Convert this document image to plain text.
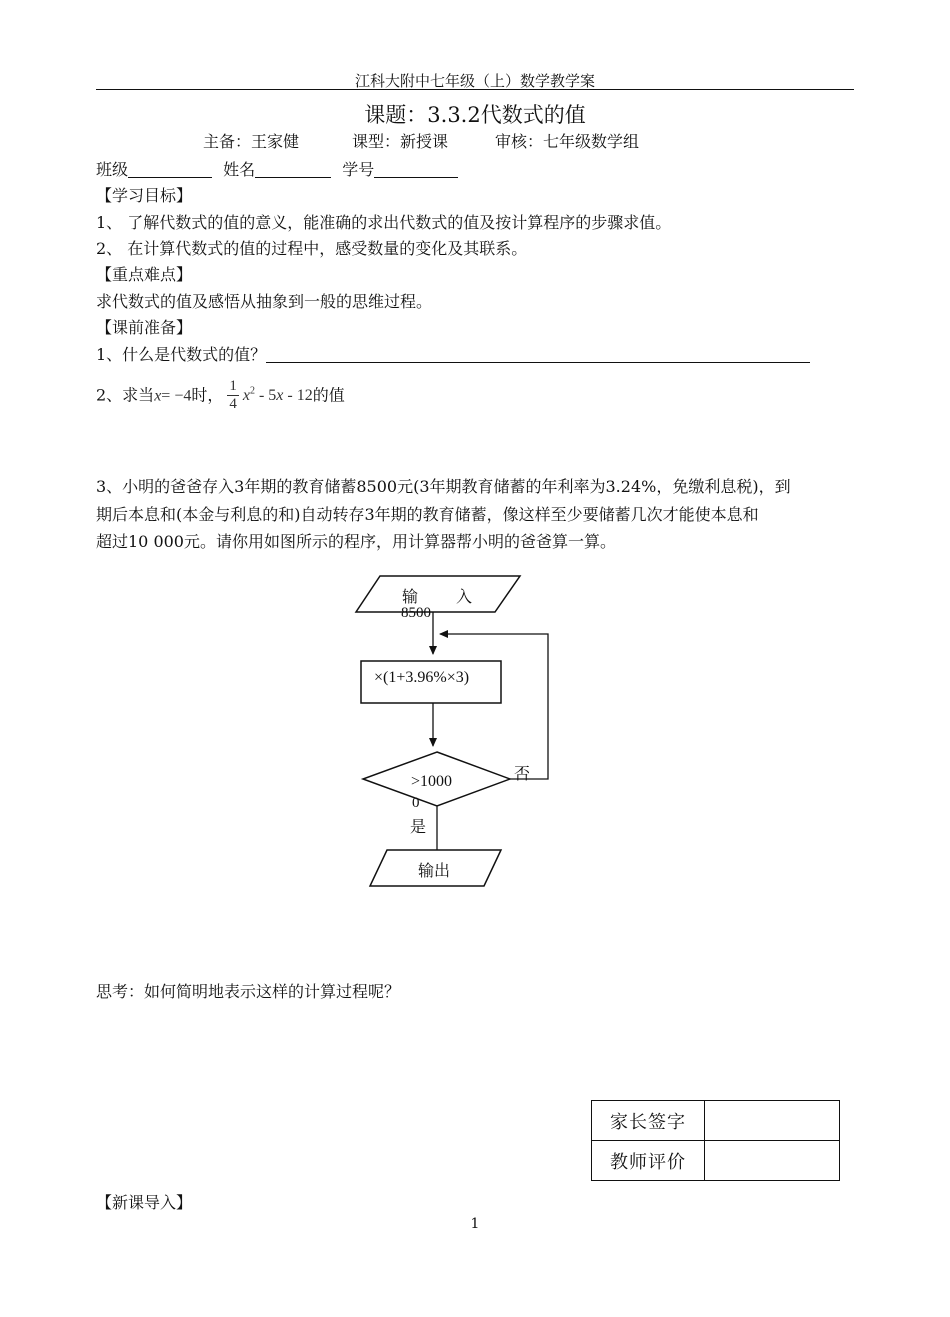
江科大附中七年级（上）数学教学案
课题：3.3.2代数式的值
主备：王家健	课型：新授课	审核：七年级数学组
班级	姓名	学号
【学习目标】
1、 了解代数式的值的意义，能准确的求出代数式的值及按计算程序的步骤求值。
2、 在计算代数式的值的过程中，感受数量的变化及其联系。
【重点难点】
求代数式的值及感悟从抽象到一般的思维过程。
【课前准备】
1、什么是代数式的值？
2、求当x= −4时， $\frac{1}{4} x^2 - 5x - 12$的值
3、小明的爸爸存入3年期的教育储蓄8500元(3年期教育储蓄的年利率为3.24%，免缴利息税)，到
期后本息和(本金与利息的和)自动转存3年期的教育储蓄，像这样至少要储蓄几次才能使本息和
超过10 000元。请你用如图所示的程序，用计算器帮小明的爸爸算一算。
输 入
8500
×(1+3.96%×3)
>1000
0
否
是
输出
思考：如何简明地表示这样的计算过程呢？
家长签字	
教师评价	
【新课导入】
1
